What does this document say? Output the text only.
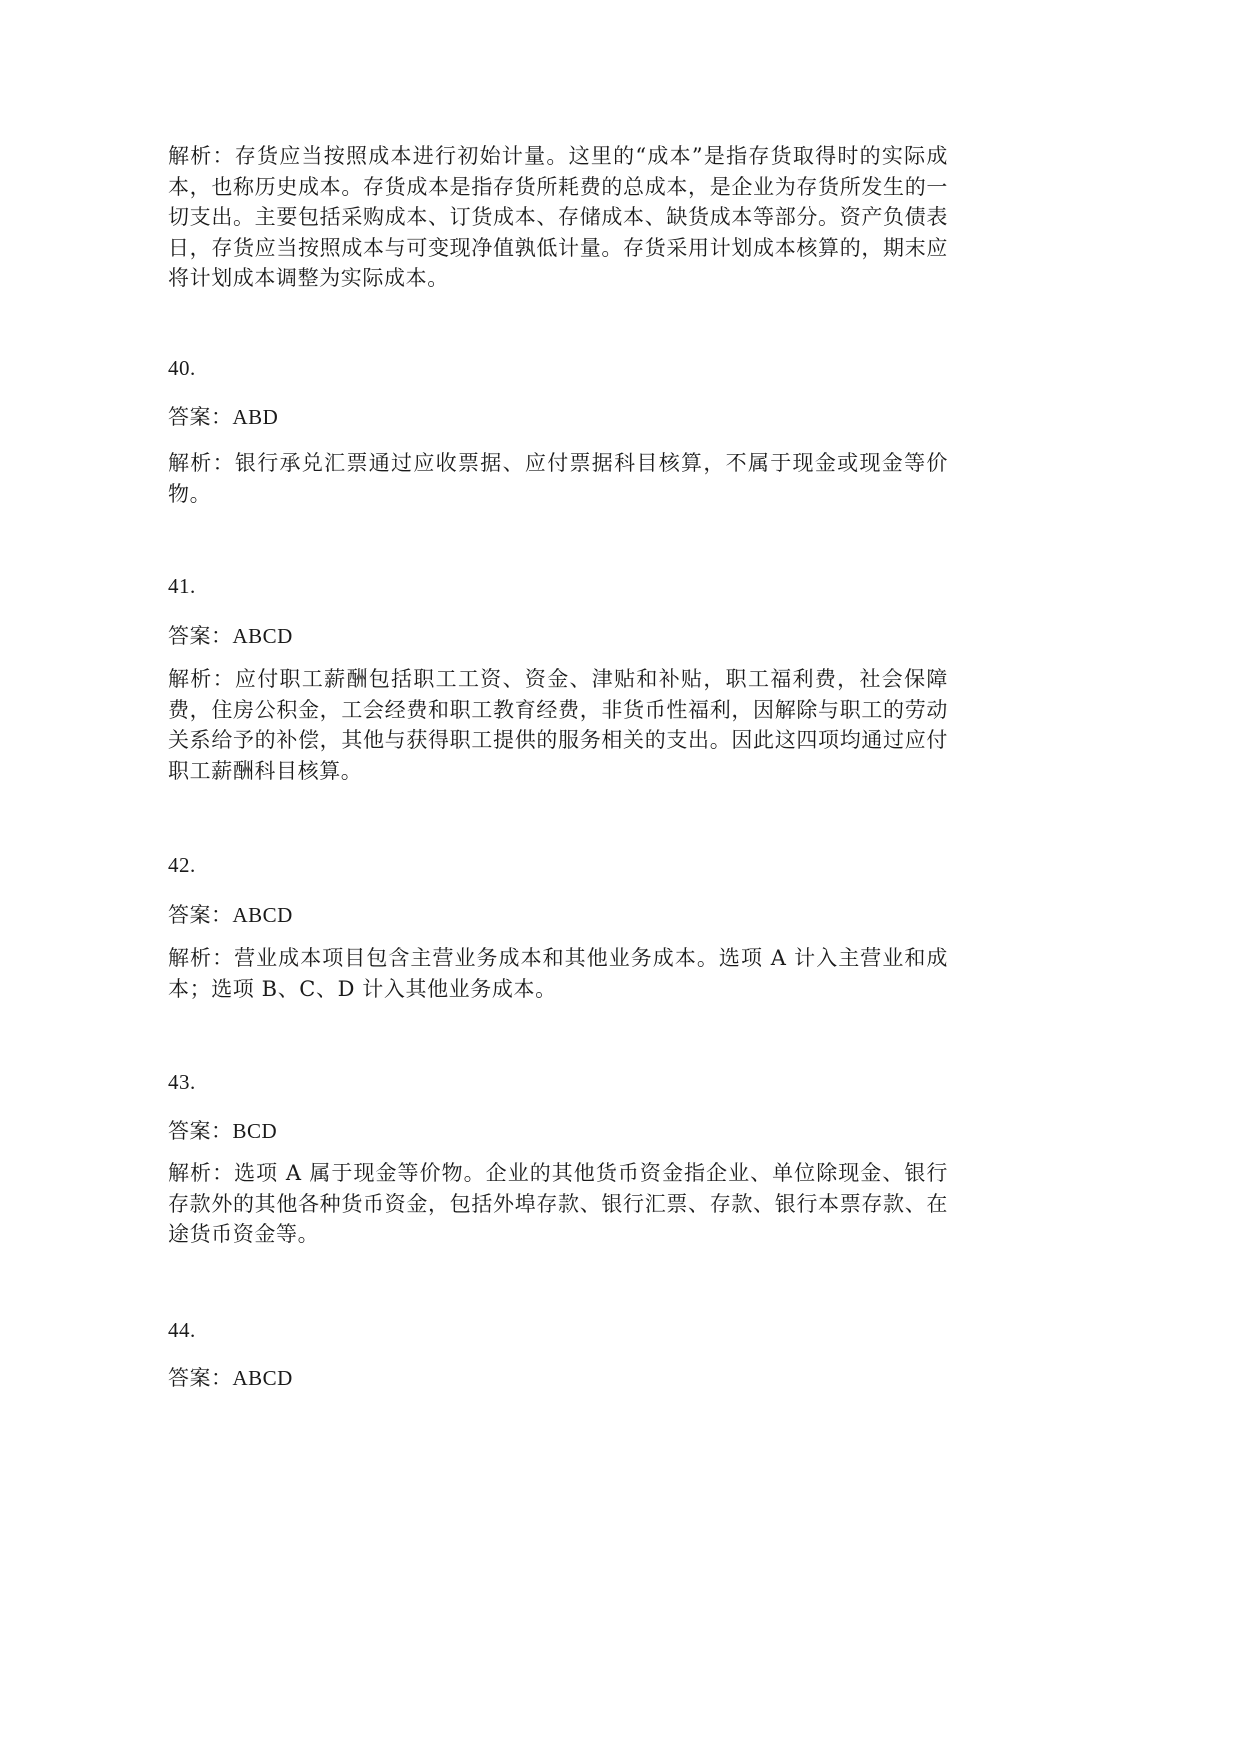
解析：存货应当按照成本进行初始计量。这里的“成本”是指存货取得时的实际成本，也称历史成本。存货成本是指存货所耗费的总成本，是企业为存货所发生的一切支出。主要包括采购成本、订货成本、存储成本、缺货成本等部分。资产负债表日，存货应当按照成本与可变现净值孰低计量。存货采用计划成本核算的，期末应将计划成本调整为实际成本。
40.
答案：ABD
解析：银行承兑汇票通过应收票据、应付票据科目核算，不属于现金或现金等价物。
41.
答案：ABCD
解析：应付职工薪酬包括职工工资、资金、津贴和补贴，职工福利费，社会保障费，住房公积金，工会经费和职工教育经费，非货币性福利，因解除与职工的劳动关系给予的补偿，其他与获得职工提供的服务相关的支出。因此这四项均通过应付职工薪酬科目核算。
42.
答案：ABCD
解析：营业成本项目包含主营业务成本和其他业务成本。选项 A 计入主营业和成本；选项 B、C、D 计入其他业务成本。
43.
答案：BCD
解析：选项 A 属于现金等价物。企业的其他货币资金指企业、单位除现金、银行存款外的其他各种货币资金，包括外埠存款、银行汇票、存款、银行本票存款、在途货币资金等。
44.
答案：ABCD
